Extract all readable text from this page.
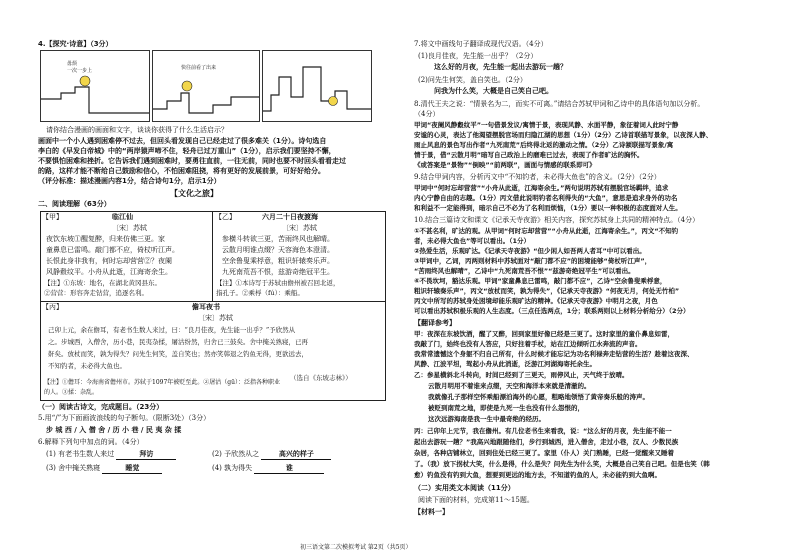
4.【探究·诗意】（3分）
毋烦
一次一步上	快往前看了出来
请你结合漫画的画面和文字，谈谈你获得了什么生活启示？
画面中一个小人遇到困难停不过去，但回头看发现自己已经走过了很多难关（1分）。诗句选自
李白的《早发白帝城》中的“两岸猿声啼不住，轻舟已过万重山”（1分），启示我们要坚持不懈，
不要惧怕困难和挫折。它告诉我们遇到困难时，要勇往直前，一往无前，同时也要不时回头看看走过
的路，这样才能不断给自己鼓励和信心，不怕困难阻挠，将有更好的发展前景，可好好给分。
（评分标准：描述漫画内容1分，结合诗句1分，启示1分）
【文化之旅】
二、阅读理解（63分）
【甲】	临江仙
〔宋〕苏轼
夜饮东坡①醒复醉，归来仿佛三更。家
童鼻息已雷鸣。敲门都不应，倚杖听江声。
长恨此身非我有，何时忘却营营②？夜阑
风静縠纹平。小舟从此逝，江海寄余生。
【注】①东坡：地名，在湖北黄冈县东。
②营营：形容奔走钻营，追逐名利。
【乙】	六月二十日夜渡海
〔宋〕苏轼
参横斗转欲三更，苦雨终风也解晴。
云散月明谁点缀？天容海色本澄清。
空余鲁叟乘桴意，粗识轩辕奏乐声。
九死南荒吾不恨，兹游奇绝冠平生。
【注】①本诗写于苏轼由儋州被召回北返，
指孔子。②乘桴（fú）：乘船。
【丙】	儋耳夜书
〔宋〕苏轼
己卯上元，余在儋耳，有老书生数人来过，曰：“良月佳夜，先生能一出乎？”予欣然从
之。步城西，入僧舍，历小巷，民夷杂揉，屠沽纷然，归舍已三鼓矣。舍中掩关熟寝，已再
鼾矣。放杖而笑，孰为得失？问先生何笑，盖自笑也；然亦笑韩退之钓鱼无得，更欲远去，
不知钓者，未必得大鱼也。
（选自《东坡志林》）
【注】①儋耳：今海南省儋州市。苏轼于1097年被贬至此。②屠沽（gū）：泛指各种职业
的人。③揉：杂乱。
（一）阅读古诗文，完成题目。（23分）
5.用“/”为下面画波浪线的句子断句。（限断3处）（3分）
步 城 西 / 入 僧 舍 / 历 小 巷 / 民 夷 杂 揉
6.解释下列句中加点的词。（4分）
(1) 有老书生数人来过	拜访	(2) 予欣然从之	高兴的样子
(3) 舍中掩关熟寝	睡觉	(4) 孰为得失	谁
7.将文中画线句子翻译成现代汉语。（4分）
(1)良月佳夜，先生能一出乎？（2分）
这么好的月夜，先生能一起出去游玩一趟？
(2)问先生何笑，盖自笑也。（2分）
问我为什么笑，大概是自己笑自己吧。
8.清代王夫之说：“情景名为二，而实不可离。”请结合苏轼甲词和乙诗中的具体语句加以分析。
（4分）
甲词“夜阑风静縠纹平”一句借景发议/寓情于景，表现风静、水面平静，象征着词人此时宁静
安谧的心灵，表达了他渴望摆脱官场而归隐江湖的思想（1分）（2分）乙诗首联描写景象，以夜深人静、
雨止风息的景色写出作者“九死南荒”后终得北返的激动之情。（2分）乙诗颔联描写景象/寓
情于景，借“云散月明”暗写自己政治上的磨难已过去，表现了作者旷达的胸怀。
《或答案是“景物”“倒映”“前两联”，画面与情感的联系即可》
9.结合甲词内容，分析丙文中“不知钓者，未必得大鱼也”的含义。（2分）（2分）
甲词中“何时忘却营营”“小舟从此逝，江海寄余生。”两句说明苏轼有摆脱官场羁绊，追求
内心宁静自由的志趣。（1分）丙文借此说明钓者名利得失的“大鱼”，意思是追求身外的功名
和利益不一定能得到，暗示自己不必为了名利而烦恼，（1分）要以一种积极的态度面对人生。
10.结合三篇诗文和课文《记承天寺夜游》相关内容，探究苏轼身上共同的精神特点。（4分）
①不甚名利，旷达的观。从甲词“何时忘却营营”“小舟从此逝，江海寄余生。”，丙文“不知钓
者，未必得大鱼也”等可以看出。（1分）
②热爱生活，乐观旷达。《记承天寺夜游》“但少闲人如吾两人者耳”中可以看出。
③甲词中，乙词，丙两则材料中苏轼面对“敲门都不应”的困境能够“倚杖听江声”，
“苦雨终风也解晴”，乙诗中“九死南荒吾不恨”“兹游奇绝冠平生”可以看出。
④不畏坎坷，豁达乐观。甲词“家童鼻息已雷鸣，敲门都不应”，乙诗“空余鲁叟乘桴意，
粗识轩辕奏乐声”，丙文“放杖而笑，孰为得失”，《记承天寺夜游》“何夜无月，何处无竹柏”
丙文中所写的苏轼身处困境却能乐观旷达的精神。《记承天寺夜游》中明月之夜，月色
可以看出苏轼积极乐观的人生态度。（三点任选两点，1分；联系两则以上材料分析给分）（2分）
【翻译参考】
甲：夜深在东坡饮酒，醒了又醉，回到家里好像已经是三更了。这时家里的童仆鼻息如雷，
我敲了门，始终也没有人答应，只好拄着手杖，站在江边倾听江水奔流的声音。
我常常遗憾这个身躯不归自己所有，什么时候才能忘记为功名利禄奔走钻营的生活？趁着这夜深、
风静、江波平坦，驾起小舟从此消逝，泛游江河湖海寄托余生。
乙：参星横斜北斗转向，时间已经到了三更天，雨停风止，天气终于放晴。
云散月明用不着谁来点缀，天空和海洋本来就是清澈的。
我就像孔子那样空怀乘船漂泊海外的心愿，粗略地领悟了黄帝奏乐般的涛声。
被贬到南荒之地，即使是九死一生也没有什么怨恨的，
这次远游海南是我一生中最奇绝的经历。
丙：己卯年上元节，我在儋州。有几位老书生来看我，说：“这么好的月夜，先生能不能一
起出去游玩一趟？”我高兴地跟随他们，步行到城西，进入僧舍，走过小巷，汉人、少数民族
杂居，各种店铺林立，回到住处已经三更了。家里（仆人）关门熟睡，已经一觉醒来又睡着
了。（我）放下拐杖大笑，什么是得，什么是失？问先生为什么笑，大概是自己笑自己吧。但是也笑（韩
愈）钓鱼没有钓到大鱼，想要到更远的地方去，不知道钓鱼的人，未必能钓到大鱼啊。
（二）实用类文本阅读（11分）
阅读下面的材料，完成第11～15题。
【材料一】
初三语文第二次模拟考试 第2页（共5页）
